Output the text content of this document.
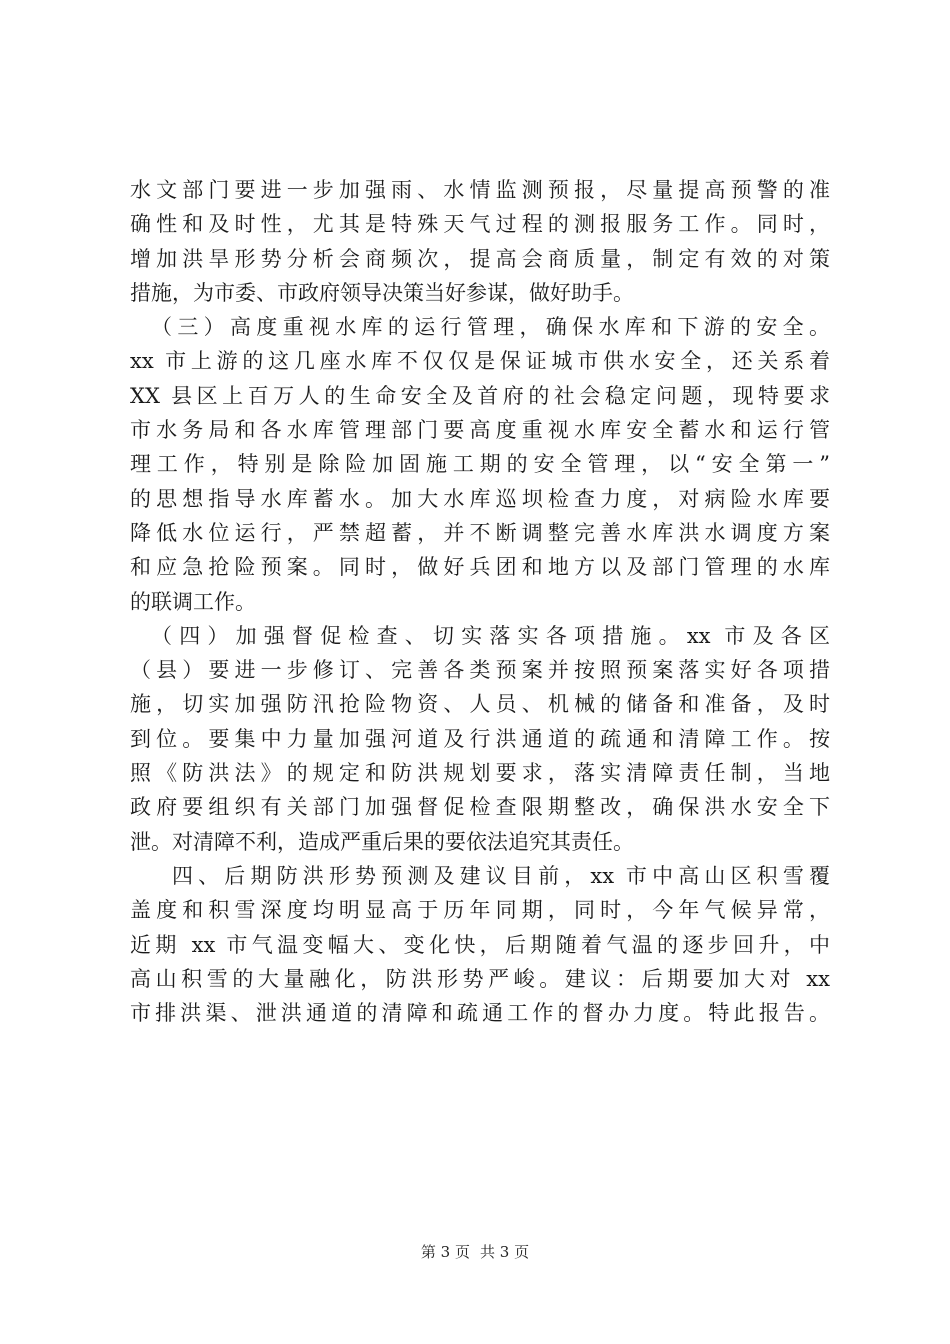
水文部门要进一步加强雨、水情监测预报，尽量提高预警的准
确性和及时性，尤其是特殊天气过程的测报服务工作。同时，
增加洪旱形势分析会商频次，提高会商质量，制定有效的对策
措施，为市委、市政府领导决策当好参谋，做好助手。
（三）高度重视水库的运行管理，确保水库和下游的安全。
xx 市上游的这几座水库不仅仅是保证城市供水安全，还关系着
XX 县区上百万人的生命安全及首府的社会稳定问题，现特要求
市水务局和各水库管理部门要高度重视水库安全蓄水和运行管
理工作，特别是除险加固施工期的安全管理，以“安全第一”
的思想指导水库蓄水。加大水库巡坝检查力度，对病险水库要
降低水位运行，严禁超蓄，并不断调整完善水库洪水调度方案
和应急抢险预案。同时，做好兵团和地方以及部门管理的水库
的联调工作。
（四）加强督促检查、切实落实各项措施。xx 市及各区
（县）要进一步修订、完善各类预案并按照预案落实好各项措
施，切实加强防汛抢险物资、人员、机械的储备和准备，及时
到位。要集中力量加强河道及行洪通道的疏通和清障工作。按
照《防洪法》的规定和防洪规划要求，落实清障责任制，当地
政府要组织有关部门加强督促检查限期整改，确保洪水安全下
泄。对清障不利，造成严重后果的要依法追究其责任。
四、后期防洪形势预测及建议目前，xx 市中高山区积雪覆
盖度和积雪深度均明显高于历年同期，同时，今年气候异常，
近期 xx 市气温变幅大、变化快，后期随着气温的逐步回升，中
高山积雪的大量融化，防洪形势严峻。建议：后期要加大对 xx
市排洪渠、泄洪通道的清障和疏通工作的督办力度。特此报告。
第 3 页 共 3 页
